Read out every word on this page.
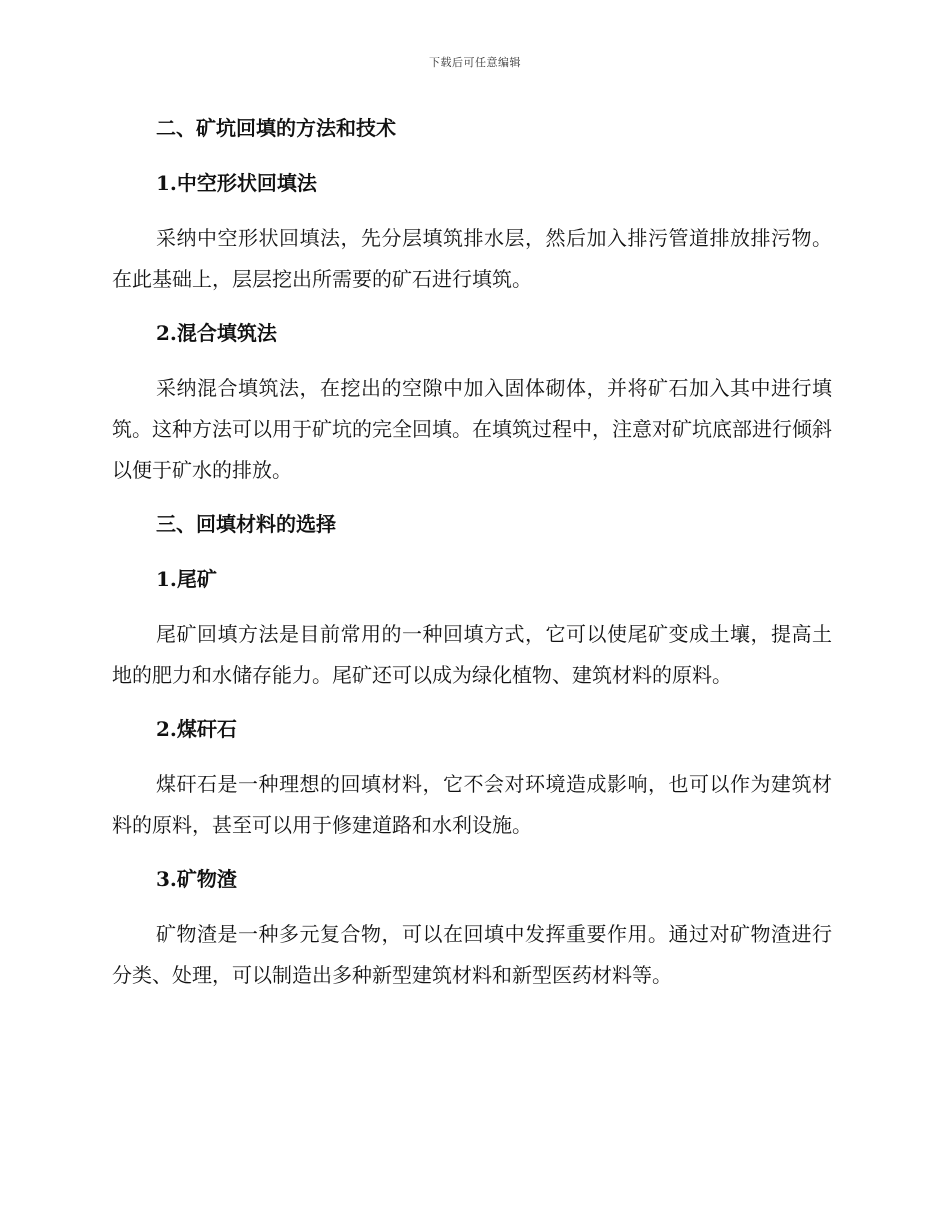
下载后可任意编辑
二、矿坑回填的方法和技术
1.中空形状回填法

采纳中空形状回填法，先分层填筑排水层，然后加入排污管道排放排污物。在此基础上，层层挖出所需要的矿石进行填筑。

2.混合填筑法

采纳混合填筑法，在挖出的空隙中加入固体砌体，并将矿石加入其中进行填筑。这种方法可以用于矿坑的完全回填。在填筑过程中，注意对矿坑底部进行倾斜以便于矿水的排放。

三、回填材料的选择
1.尾矿

尾矿回填方法是目前常用的一种回填方式，它可以使尾矿变成土壤，提高土地的肥力和水储存能力。尾矿还可以成为绿化植物、建筑材料的原料。

2.煤矸石

煤矸石是一种理想的回填材料，它不会对环境造成影响，也可以作为建筑材料的原料，甚至可以用于修建道路和水利设施。

3.矿物渣

矿物渣是一种多元复合物，可以在回填中发挥重要作用。通过对矿物渣进行分类、处理，可以制造出多种新型建筑材料和新型医药材料等。
